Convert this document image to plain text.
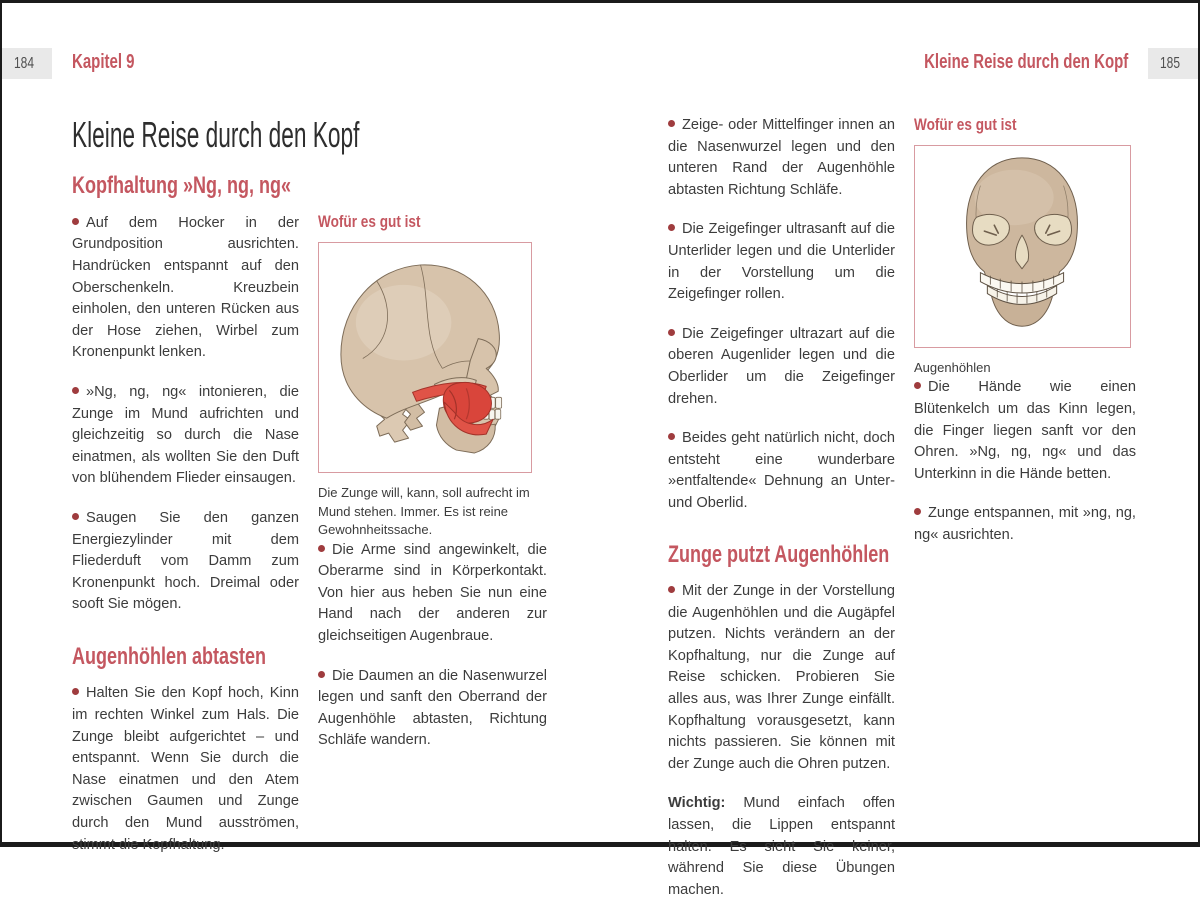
184 Kapitel 9
Kleine Reise durch den Kopf
Kopfhaltung »Ng, ng, ng«

Auf dem Hocker in der Grundposition ausrichten. Handrücken entspannt auf den Oberschenkeln. Kreuzbein einholen, den unteren Rücken aus der Hose ziehen, Wirbel zum Kronenpunkt lenken.

»Ng, ng, ng« intonieren, die Zunge im Mund aufrichten und gleichzeitig so durch die Nase einatmen, als wollten Sie den Duft von blühendem Flieder einsaugen.

Saugen Sie den ganzen Energiezylinder mit dem Fliederduft vom Damm zum Kronenpunkt hoch. Dreimal oder sooft Sie mögen.

Augenhöhlen abtasten

Halten Sie den Kopf hoch, Kinn im rechten Winkel zum Hals. Die Zunge bleibt aufgerichtet – und entspannt. Wenn Sie durch die Nase einatmen und den Atem zwischen Gaumen und Zunge durch den Mund ausströmen, stimmt die Kopfhaltung.

Wofür es gut ist

Die Zunge will, kann, soll aufrecht im Mund stehen. Immer. Es ist reine Gewohnheitssache.

Die Arme sind angewinkelt, die Oberarme sind in Körperkontakt. Von hier aus heben Sie nun eine Hand nach der anderen zur gleichseitigen Augenbraue.

Die Daumen an die Nasenwurzel legen und sanft den Oberrand der Augenhöhle abtasten, Richtung Schläfe wandern.

185
Kleine Reise durch den Kopf

Zeige- oder Mittelfinger innen an die Nasenwurzel legen und den unteren Rand der Augenhöhle abtasten Richtung Schläfe.

Die Zeigefinger ultrasanft auf die Unterlider legen und die Unterlider in der Vorstellung um die Zeigefinger rollen.

Die Zeigefinger ultrazart auf die oberen Augenlider legen und die Oberlider um die Zeigefinger drehen.

Beides geht natürlich nicht, doch entsteht eine wunderbare »entfaltende« Dehnung an Unter- und Oberlid.

Zunge putzt Augenhöhlen

Mit der Zunge in der Vorstellung die Augenhöhlen und die Augäpfel putzen. Nichts verändern an der Kopfhaltung, nur die Zunge auf Reise schicken. Probieren Sie alles aus, was Ihrer Zunge einfällt. Kopfhaltung vorausgesetzt, kann nichts passieren. Sie können mit der Zunge auch die Ohren putzen.

Wichtig: Mund einfach offen lassen, die Lippen entspannt halten. Es sieht Sie keiner, während Sie diese Übungen machen.

Wofür es gut ist

Augenhöhlen

Die Hände wie einen Blütenkelch um das Kinn legen, die Finger liegen sanft vor den Ohren. »Ng, ng, ng« und das Unterkinn in die Hände betten.

Zunge entspannen, mit »ng, ng, ng« ausrichten.
